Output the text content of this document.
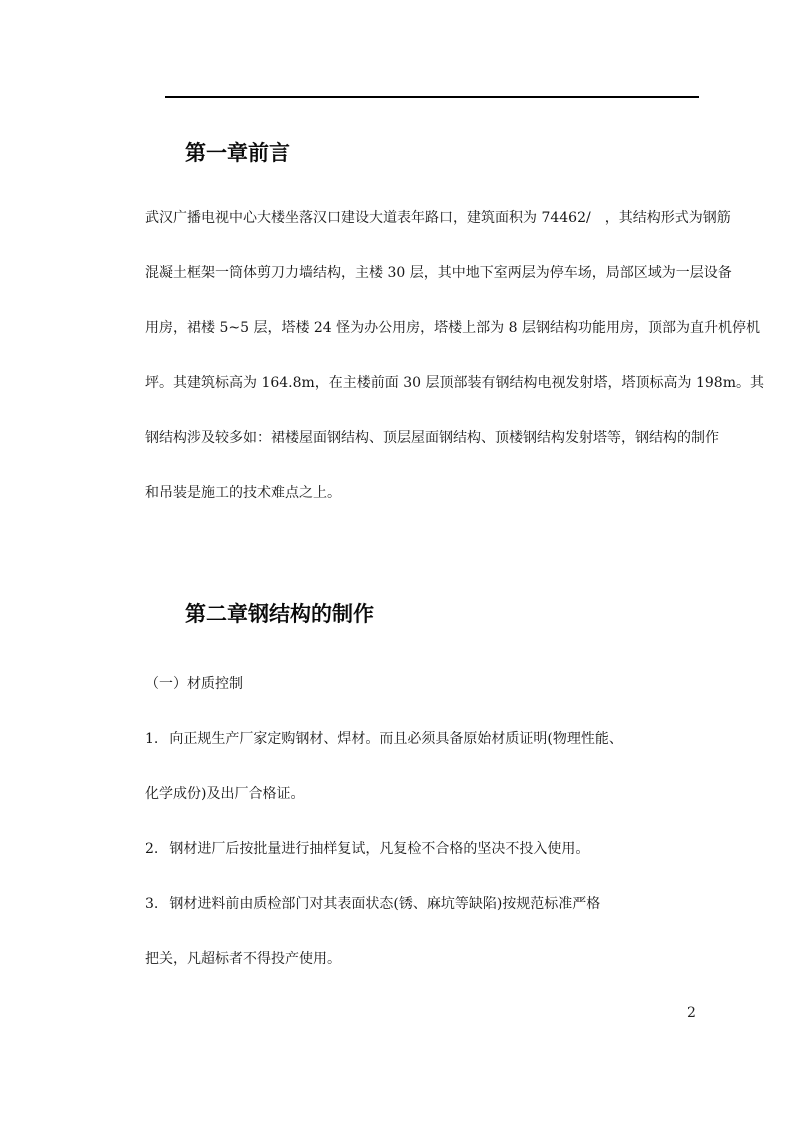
第一章前言
武汉广播电视中心大楼坐落汉口建设大道表年路口，建筑面积为 74462/　，其结构形式为钢筋
混凝土框架一筒体剪刀力墙结构，主楼 30 层，其中地下室两层为停车场，局部区域为一层设备
用房，裙楼 5~5 层，塔楼 24 怪为办公用房，塔楼上部为 8 层钢结构功能用房，顶部为直升机停机
坪。其建筑标高为 164.8m，在主楼前面 30 层顶部装有钢结构电视发射塔，塔顶标高为 198m。其
钢结构涉及较多如：裙楼屋面钢结构、顶层屋面钢结构、顶楼钢结构发射塔等，钢结构的制作
和吊装是施工的技术难点之上。
第二章钢结构的制作
（一）材质控制
1. 向正规生产厂家定购钢材、焊材。而且必须具备原始材质证明(物理性能、
化学成份)及出厂合格证。
2. 钢材进厂后按批量进行抽样复试，凡复检不合格的坚决不投入使用。
3. 钢材进料前由质检部门对其表面状态(锈、麻坑等缺陷)按规范标准严格
把关，凡超标者不得投产使用。
2
